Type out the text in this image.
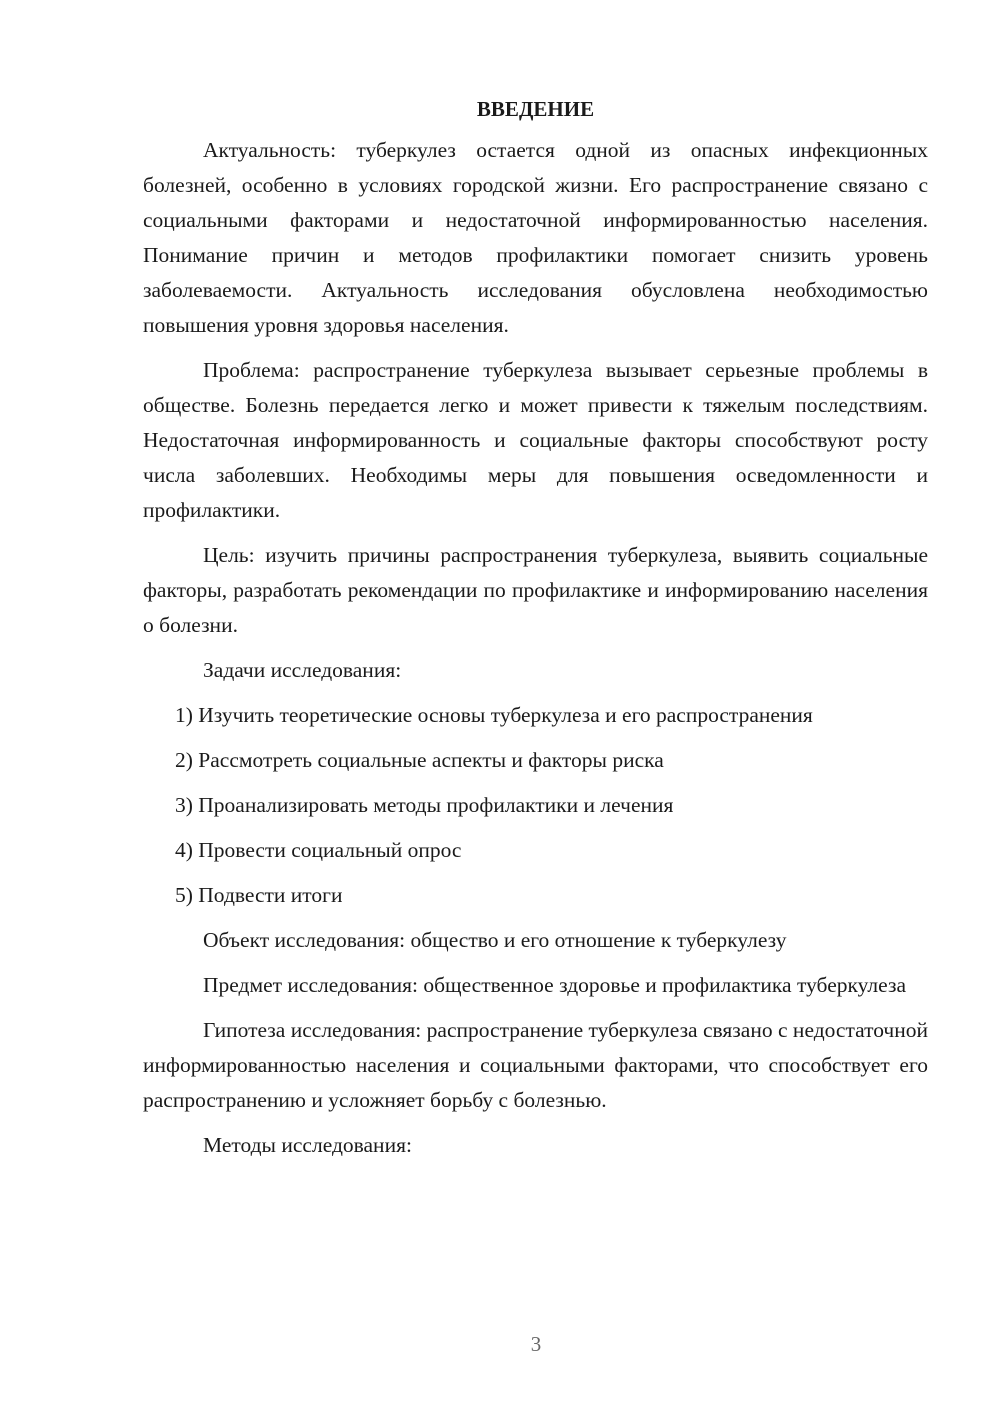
ВВЕДЕНИЕ

Актуальность: туберкулез остается одной из опасных инфекционных болезней, особенно в условиях городской жизни. Его распространение связано с социальными факторами и недостаточной информированностью населения. Понимание причин и методов профилактики помогает снизить уровень заболеваемости. Актуальность исследования обусловлена необходимостью повышения уровня здоровья населения.

Проблема: распространение туберкулеза вызывает серьезные проблемы в обществе. Болезнь передается легко и может привести к тяжелым последствиям. Недостаточная информированность и социальные факторы способствуют росту числа заболевших. Необходимы меры для повышения осведомленности и профилактики.

Цель: изучить причины распространения туберкулеза, выявить социальные факторы, разработать рекомендации по профилактике и информированию населения о болезни.

Задачи исследования:
1) Изучить теоретические основы туберкулеза и его распространения
2) Рассмотреть социальные аспекты и факторы риска
3) Проанализировать методы профилактики и лечения
4) Провести социальный опрос
5) Подвести итоги
Объект исследования: общество и его отношение к туберкулезу

Предмет исследования: общественное здоровье и профилактика туберкулеза

Гипотеза исследования: распространение туберкулеза связано с недостаточной информированностью населения и социальными факторами, что способствует его распространению и усложняет борьбу с болезнью.

Методы исследования:
3
